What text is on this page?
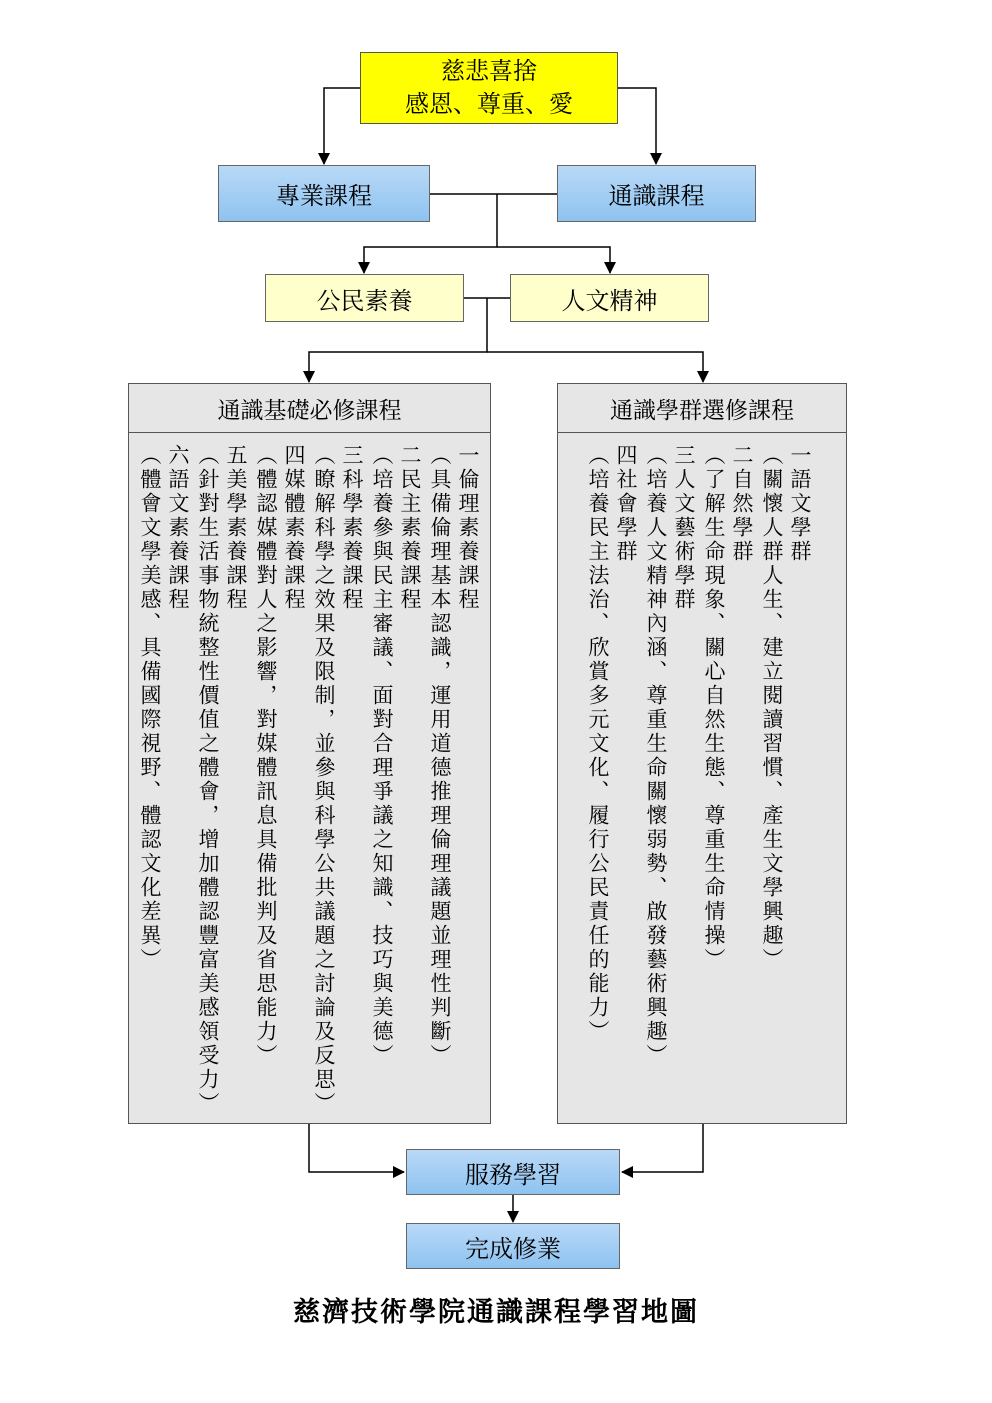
慈悲喜捨
感恩、尊重、愛
專業課程	通識課程
公民素養	人文精神
通識基礎必修課程
一倫理素養課程
（具備倫理基本認識，運用道德推理倫理議題並理性判斷）
二民主素養課程
（培養參與民主審議、面對合理爭議之知識、技巧與美德）
三科學素養課程
（瞭解科學之效果及限制，並參與科學公共議題之討論及反思）
四媒體素養課程
（體認媒體對人之影響，對媒體訊息具備批判及省思能力）
五美學素養課程
（針對生活事物統整性價值之體會，增加體認豐富美感領受力）
六語文素養課程
（體會文學美感、具備國際視野、體認文化差異）
通識學群選修課程
一語文學群
（關懷人群人生、建立閱讀習慣、產生文學興趣）
二自然學群
（了解生命現象、關心自然生態、尊重生命情操）
三人文藝術學群
（培養人文精神內涵、尊重生命關懷弱勢、啟發藝術興趣）
四社會學群
（培養民主法治、欣賞多元文化、履行公民責任的能力）
服務學習
完成修業
慈濟技術學院通識課程學習地圖
